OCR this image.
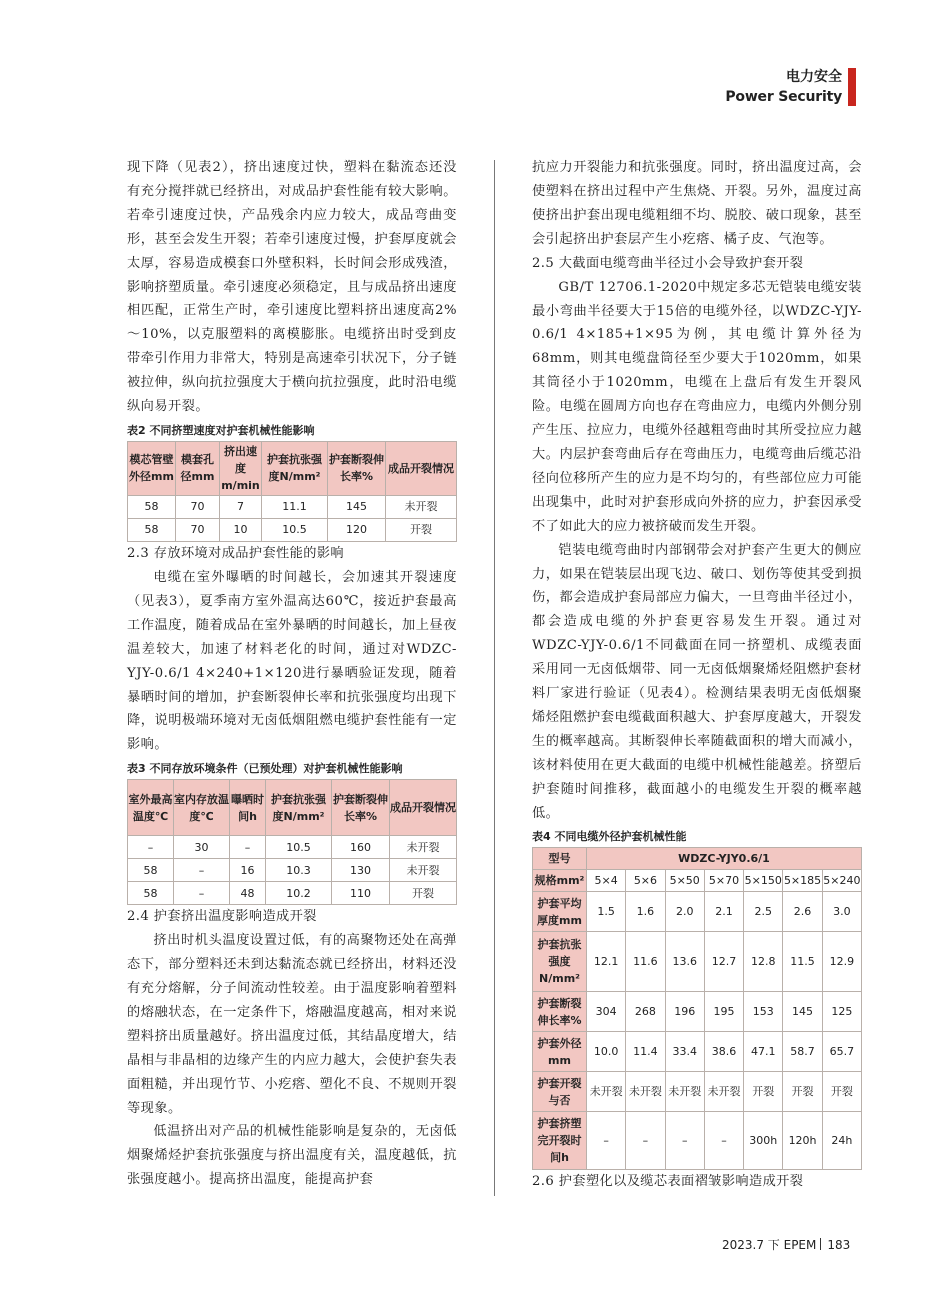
电力安全
Power Security

现下降（见表2），挤出速度过快，塑料在黏流态还没有充分搅拌就已经挤出，对成品护套性能有较大影响。若牵引速度过快，产品残余内应力较大，成品弯曲变形，甚至会发生开裂；若牵引速度过慢，护套厚度就会太厚，容易造成模套口外壁积料，长时间会形成残渣，影响挤塑质量。牵引速度必须稳定，且与成品挤出速度相匹配，正常生产时，牵引速度比塑料挤出速度高2%～10%，以克服塑料的离模膨胀。电缆挤出时受到皮带牵引作用力非常大，特别是高速牵引状况下，分子链被拉伸，纵向抗拉强度大于横向抗拉强度，此时沿电缆纵向易开裂。

表2 不同挤塑速度对护套机械性能影响
模芯管壁外径mm	模套孔径mm	挤出速度m/min	护套抗张强度N/mm²	护套断裂伸长率%	成品开裂情况
58	70	7	11.1	145	未开裂
58	70	10	10.5	120	开裂
2.3 存放环境对成品护套性能的影响

电缆在室外曝晒的时间越长，会加速其开裂速度（见表3），夏季南方室外温高达60℃，接近护套最高工作温度，随着成品在室外暴晒的时间越长，加上昼夜温差较大，加速了材料老化的时间，通过对WDZC-YJY-0.6/1 4×240+1×120进行暴晒验证发现，随着暴晒时间的增加，护套断裂伸长率和抗张强度均出现下降，说明极端环境对无卤低烟阻燃电缆护套性能有一定影响。

表3 不同存放环境条件（已预处理）对护套机械性能影响
室外最高温度℃	室内存放温度℃	曝晒时间h	护套抗张强度N/mm²	护套断裂伸长率%	成品开裂情况
–	30	–	10.5	160	未开裂
58	–	16	10.3	130	未开裂
58	–	48	10.2	110	开裂
2.4 护套挤出温度影响造成开裂

挤出时机头温度设置过低，有的高聚物还处在高弹态下，部分塑料还未到达黏流态就已经挤出，材料还没有充分熔解，分子间流动性较差。由于温度影响着塑料的熔融状态，在一定条件下，熔融温度越高，相对来说塑料挤出质量越好。挤出温度过低，其结晶度增大，结晶相与非晶相的边缘产生的内应力越大，会使护套失表面粗糙，并出现竹节、小疙瘩、塑化不良、不规则开裂等现象。

低温挤出对产品的机械性能影响是复杂的，无卤低烟聚烯烃护套抗张强度与挤出温度有关，温度越低，抗张强度越小。提高挤出温度，能提高护套

抗应力开裂能力和抗张强度。同时，挤出温度过高，会使塑料在挤出过程中产生焦烧、开裂。另外，温度过高使挤出护套出现电缆粗细不均、脱胶、破口现象，甚至会引起挤出护套层产生小疙瘩、橘子皮、气泡等。

2.5 大截面电缆弯曲半径过小会导致护套开裂

GB/T 12706.1-2020中规定多芯无铠装电缆安装最小弯曲半径要大于15倍的电缆外径，以WDZC-YJY-0.6/1 4×185+1×95为例，其电缆计算外径为68mm，则其电缆盘筒径至少要大于1020mm，如果其筒径小于1020mm，电缆在上盘后有发生开裂风险。电缆在圆周方向也存在弯曲应力，电缆内外侧分别产生压、拉应力，电缆外径越粗弯曲时其所受拉应力越大。内层护套弯曲后存在弯曲压力，电缆弯曲后缆芯沿径向位移所产生的应力是不均匀的，有些部位应力可能出现集中，此时对护套形成向外挤的应力，护套因承受不了如此大的应力被挤破而发生开裂。

铠装电缆弯曲时内部钢带会对护套产生更大的侧应力，如果在铠装层出现飞边、破口、划伤等使其受到损伤，都会造成护套局部应力偏大，一旦弯曲半径过小，都会造成电缆的外护套更容易发生开裂。通过对WDZC-YJY-0.6/1不同截面在同一挤塑机、成缆表面采用同一无卤低烟带、同一无卤低烟聚烯烃阻燃护套材料厂家进行验证（见表4）。检测结果表明无卤低烟聚烯烃阻燃护套电缆截面积越大、护套厚度越大，开裂发生的概率越高。其断裂伸长率随截面积的增大而减小，该材料使用在更大截面的电缆中机械性能越差。挤塑后护套随时间推移，截面越小的电缆发生开裂的概率越低。

表4 不同电缆外径护套机械性能
型号	WDZC-YJY0.6/1						
规格mm²	5×4	5×6	5×50	5×70	5×150	5×185	5×240
护套平均厚度mm	1.5	1.6	2.0	2.1	2.5	2.6	3.0
护套抗张强度N/mm²	12.1	11.6	13.6	12.7	12.8	11.5	12.9
护套断裂伸长率%	304	268	196	195	153	145	125
护套外径mm	10.0	11.4	33.4	38.6	47.1	58.7	65.7
护套开裂与否	未开裂	未开裂	未开裂	未开裂	开裂	开裂	开裂
护套挤塑完开裂时间h	–	–	–	–	300h	120h	24h
2.6 护套塑化以及缆芯表面褶皱影响造成开裂
2023.7 下 EPEM 183
